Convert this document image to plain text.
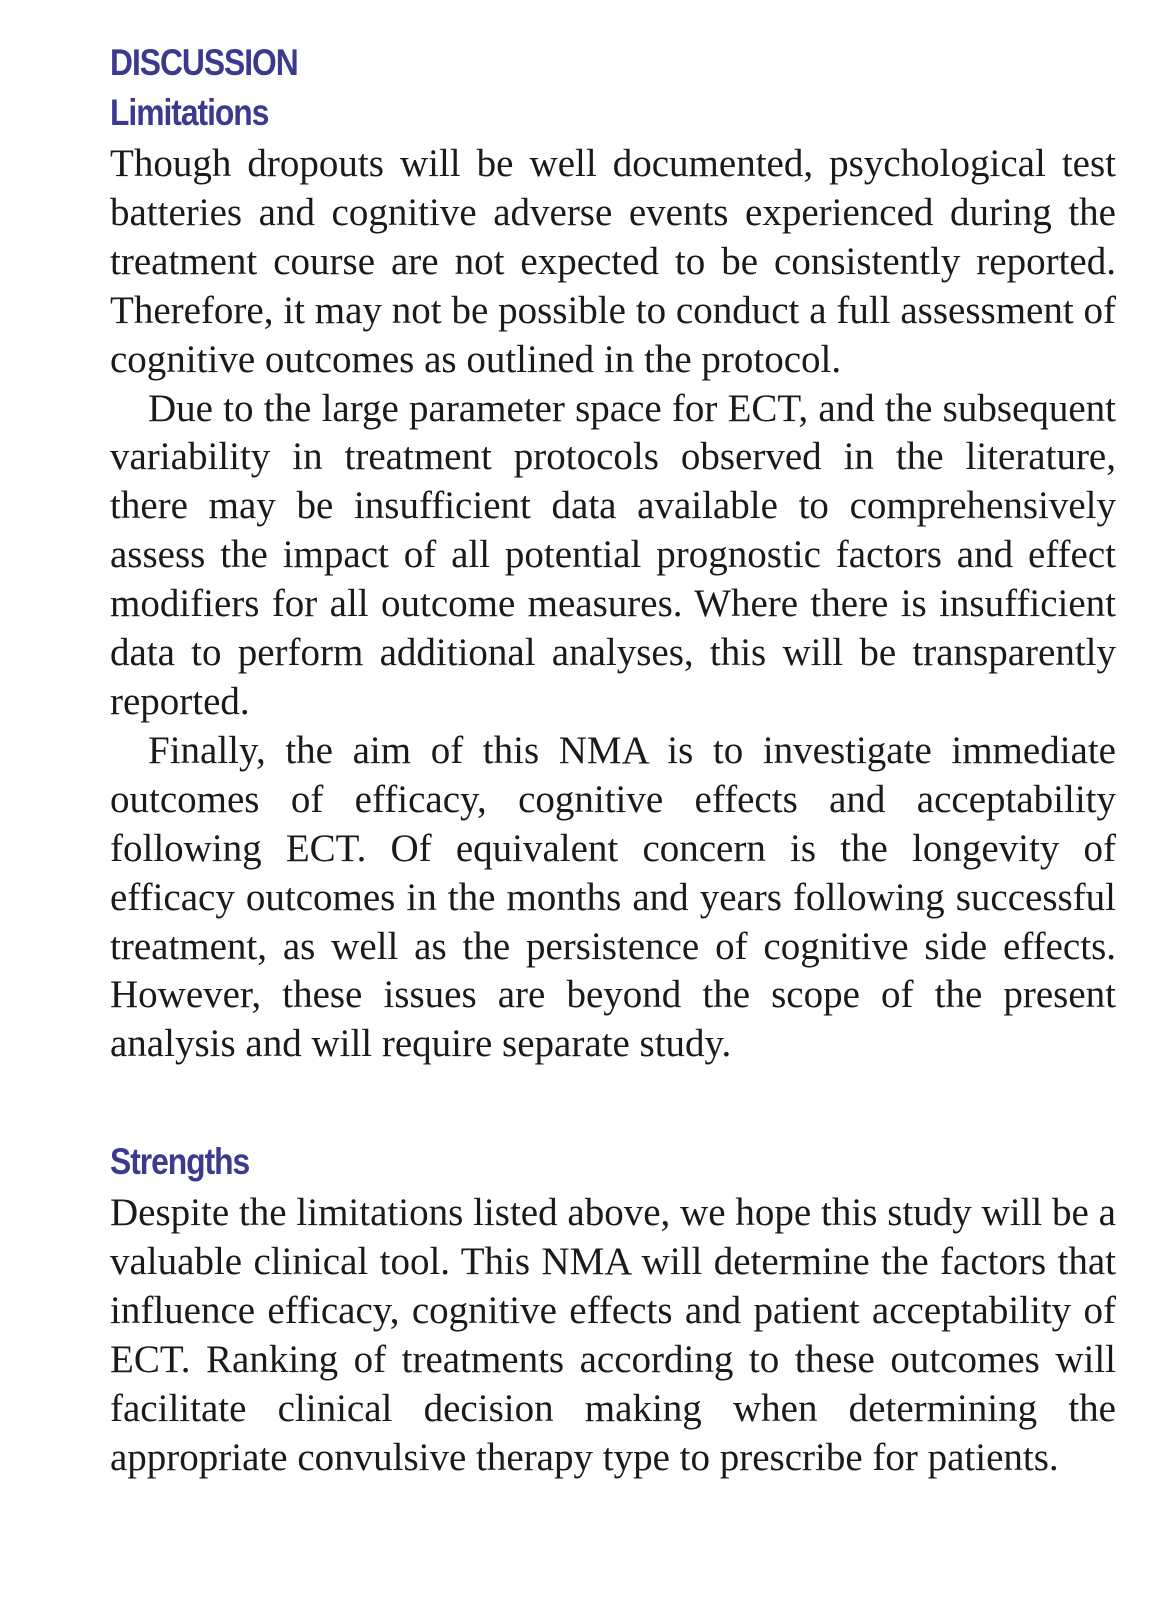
DISCUSSION
Limitations

Though dropouts will be well documented, psychological test batteries and cognitive adverse events experienced during the treatment course are not expected to be consistently reported. Therefore, it may not be possible to conduct a full assessment of cognitive outcomes as outlined in the protocol.

Due to the large parameter space for ECT, and the subsequent variability in treatment protocols observed in the literature, there may be insufficient data available to comprehensively assess the impact of all potential prognostic factors and effect modifiers for all outcome measures. Where there is insufficient data to perform additional analyses, this will be transparently reported.

Finally, the aim of this NMA is to investigate immediate outcomes of efficacy, cognitive effects and acceptability following ECT. Of equivalent concern is the longevity of efficacy outcomes in the months and years following successful treatment, as well as the persistence of cognitive side effects. However, these issues are beyond the scope of the present analysis and will require separate study.

Strengths

Despite the limitations listed above, we hope this study will be a valuable clinical tool. This NMA will determine the factors that influence efficacy, cognitive effects and patient acceptability of ECT. Ranking of treatments according to these outcomes will facilitate clinical decision making when determining the appropriate convulsive therapy type to prescribe for patients.
